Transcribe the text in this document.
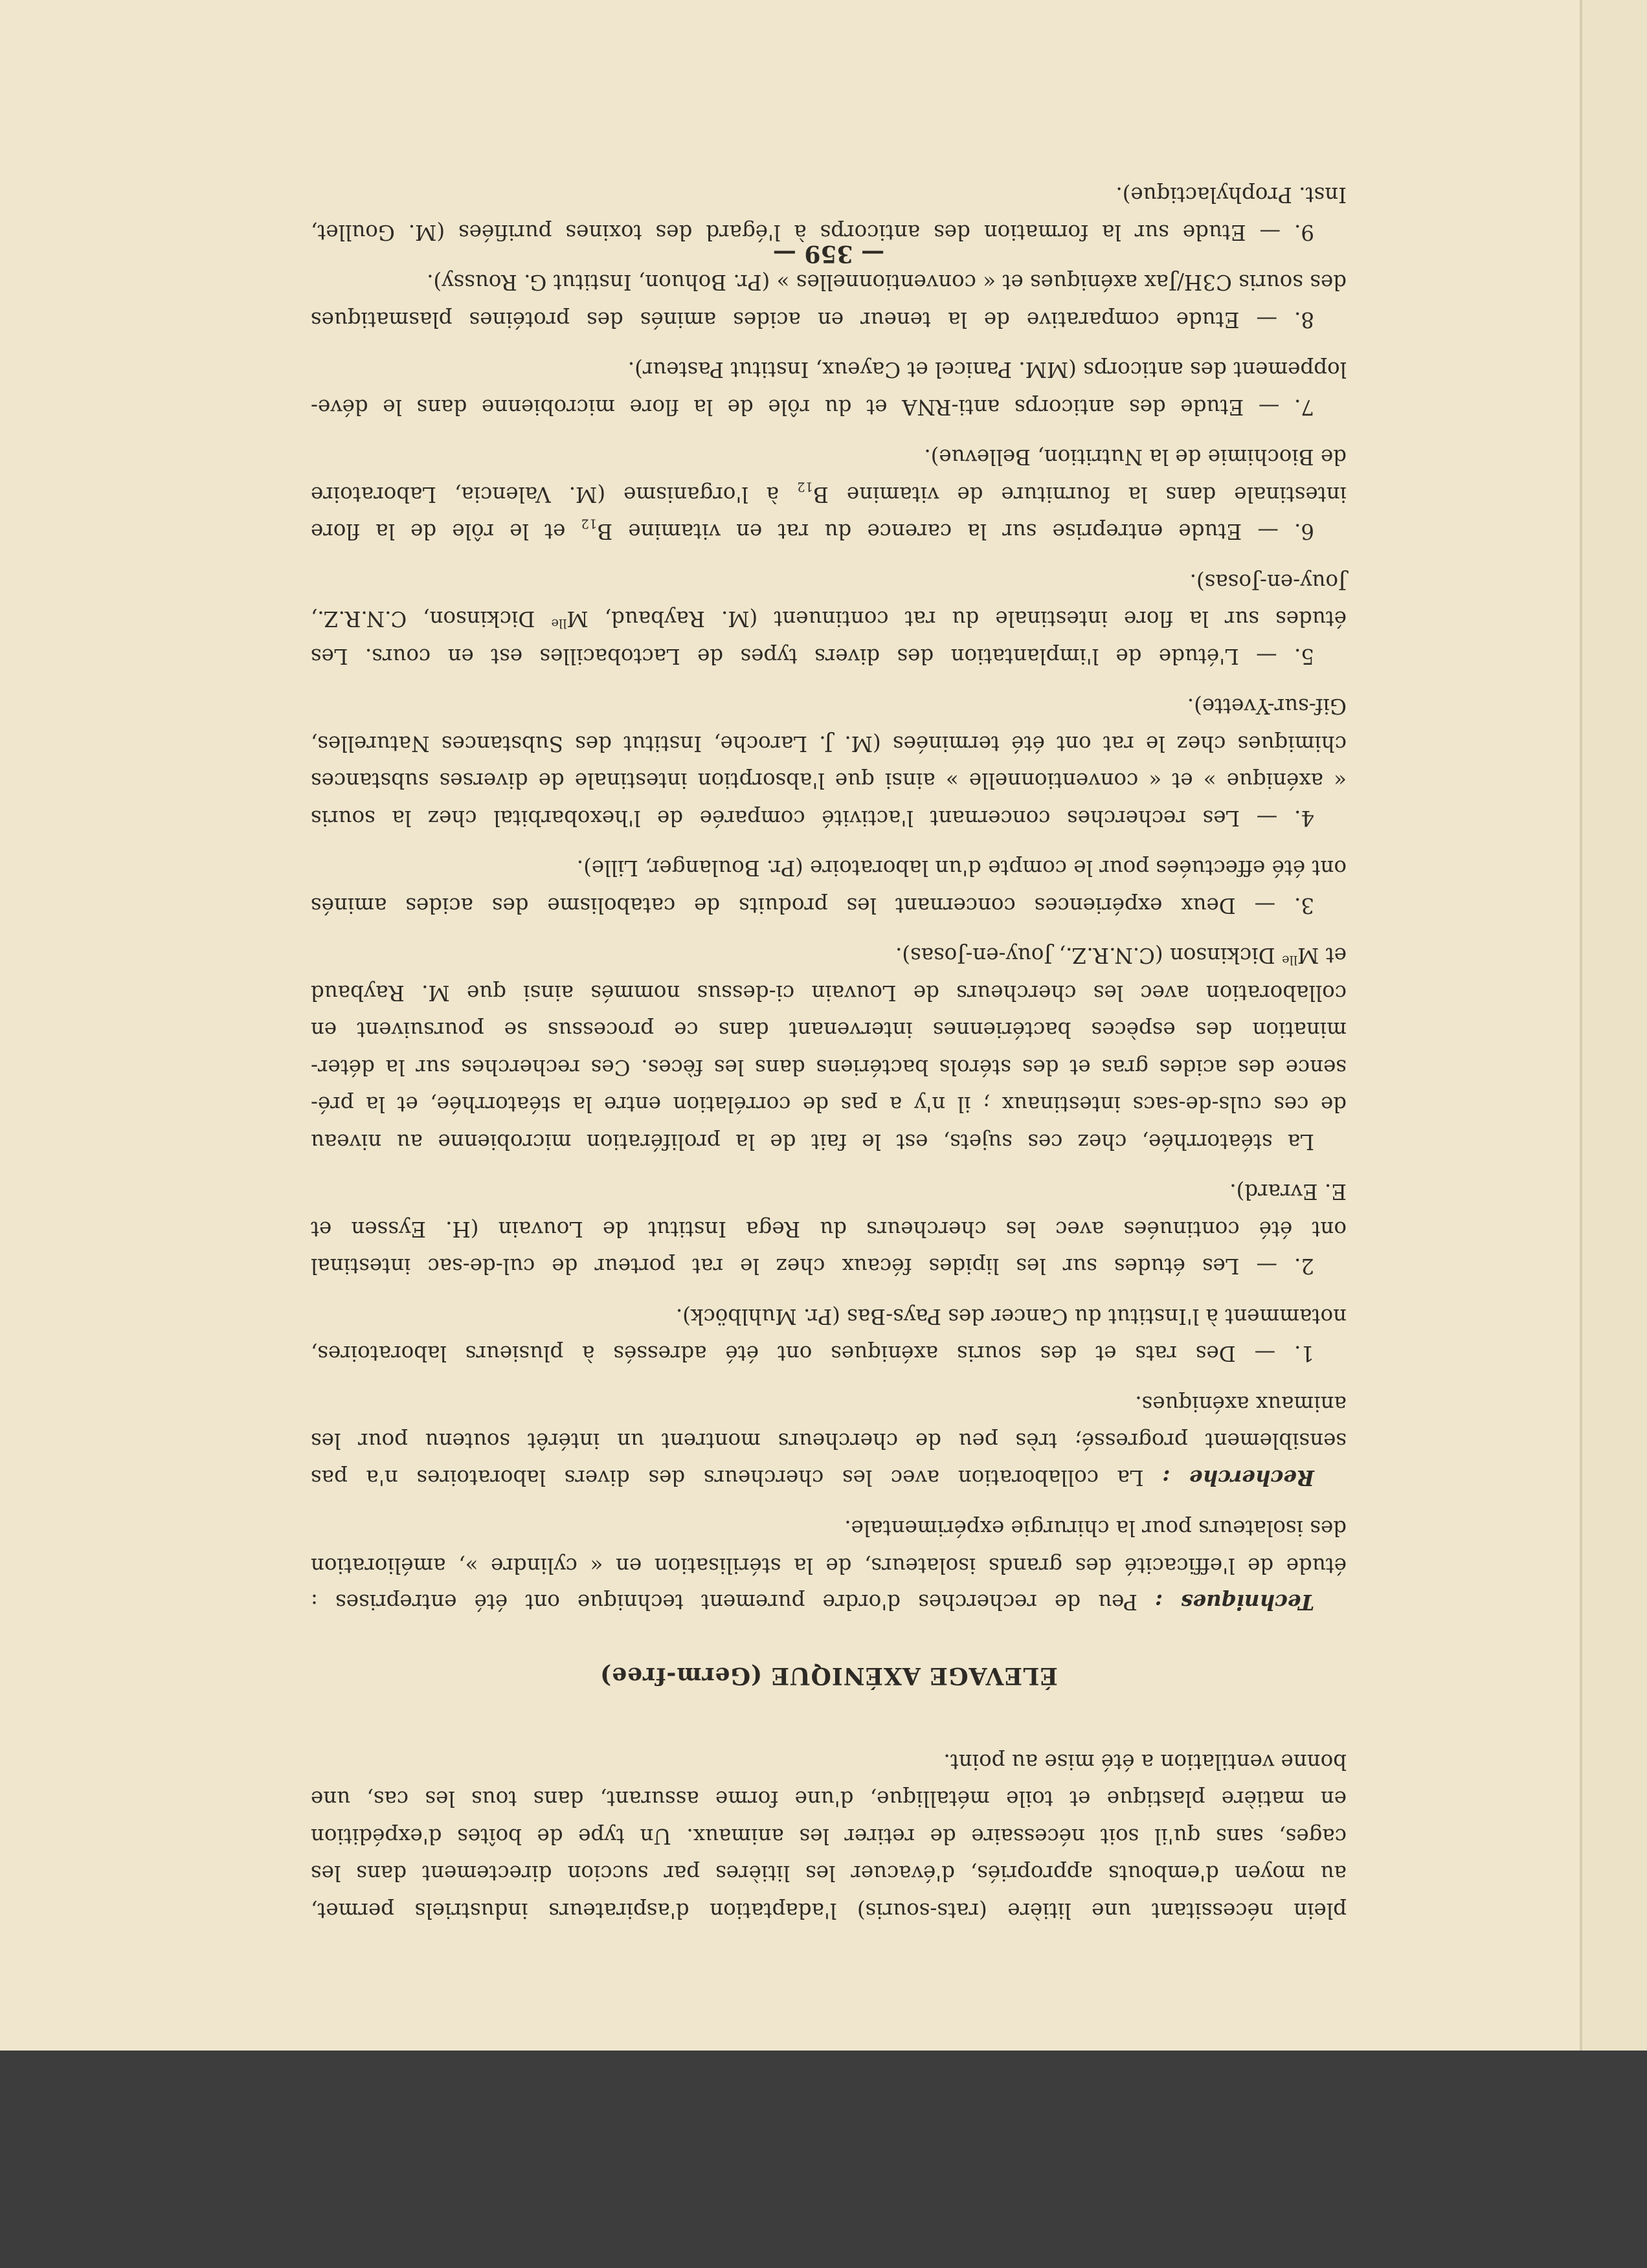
plein nécessitant une litière (rats-souris) l'adaptation d'aspirateurs industriels permet,
au moyen d'embouts appropriés, d'évacuer les litières par succion directement dans les
cages, sans qu'il soit nécessaire de retirer les animaux. Un type de boîtes d'expédition
en matière plastique et toile métallique, d'une forme assurant, dans tous les cas, une
bonne ventilation a été mise au point.
ÉLEVAGE AXÉNIQUE (Germ-free)
Techniques : Peu de recherches d'ordre purement technique ont été entreprises :
étude de l'efficacité des grands isolateurs, de la stérilisation en « cylindre », amélioration
des isolateurs pour la chirurgie expérimentale.
Recherche : La collaboration avec les chercheurs des divers laboratoires n'a pas
sensiblement progressé; très peu de chercheurs montrent un intérêt soutenu pour les
animaux axéniques.
1. — Des rats et des souris axéniques ont été adressés à plusieurs laboratoires,
notamment à l'Institut du Cancer des Pays-Bas (Pr. Muhlböck).
2. — Les études sur les lipides fécaux chez le rat porteur de cul-de-sac intestinal
ont été continuées avec les chercheurs du Rega Institut de Louvain (H. Eyssen et
E. Evrard).
La stéatorrhée, chez ces sujets, est le fait de la prolifération microbienne au niveau
de ces culs-de-sacs intestinaux ; il n'y a pas de corrélation entre la stéatorrhée, et la pré-
sence des acides gras et des stérols bactériens dans les fèces. Ces recherches sur la déter-
mination des espèces bactériennes intervenant dans ce processus se poursuivent en
collaboration avec les chercheurs de Louvain ci-dessus nommés ainsi que M. Raybaud
et $M^{lle}$ Dickinson (C.N.R.Z., Jouy-en-Josas).
3. — Deux expériences concernant les produits de catabolisme des acides aminés
ont été effectuées pour le compte d'un laboratoire (Pr. Boulanger, Lille).
4. — Les recherches concernant l'activité comparée de l'hexobarbital chez la souris
« axénique » et « conventionnelle » ainsi que l'absorption intestinale de diverses substances
chimiques chez le rat ont été terminées (M. J. Laroche, Institut des Substances Naturelles,
Gif-sur-Yvette).
5. — L'étude de l'implantation des divers types de Lactobacilles est en cours. Les
études sur la flore intestinale du rat continuent (M. Raybaud, $M^{lle}$ Dickinson, C.N.R.Z.,
Jouy-en-Josas).
6. — Etude entreprise sur la carence du rat en vitamine $B_{12}$ et le rôle de la flore
intestinale dans la fourniture de vitamine $B_{12}$ à l'organisme (M. Valencia, Laboratoire
de Biochimie de la Nutrition, Bellevue).
7. — Etude des anticorps anti-RNA et du rôle de la flore microbienne dans le déve-
loppement des anticorps (MM. Panicel et Cayeux, Institut Pasteur).
8. — Etude comparative de la teneur en acides aminés des protéines plasmatiques
des souris C3H/Jax axéniques et « conventionnelles » (Pr. Bohuon, Institut G. Roussy).
9. — Etude sur la formation des anticorps à l'égard des toxines purifiées (M. Goullet,
Inst. Prophylactique).
— 359 —
